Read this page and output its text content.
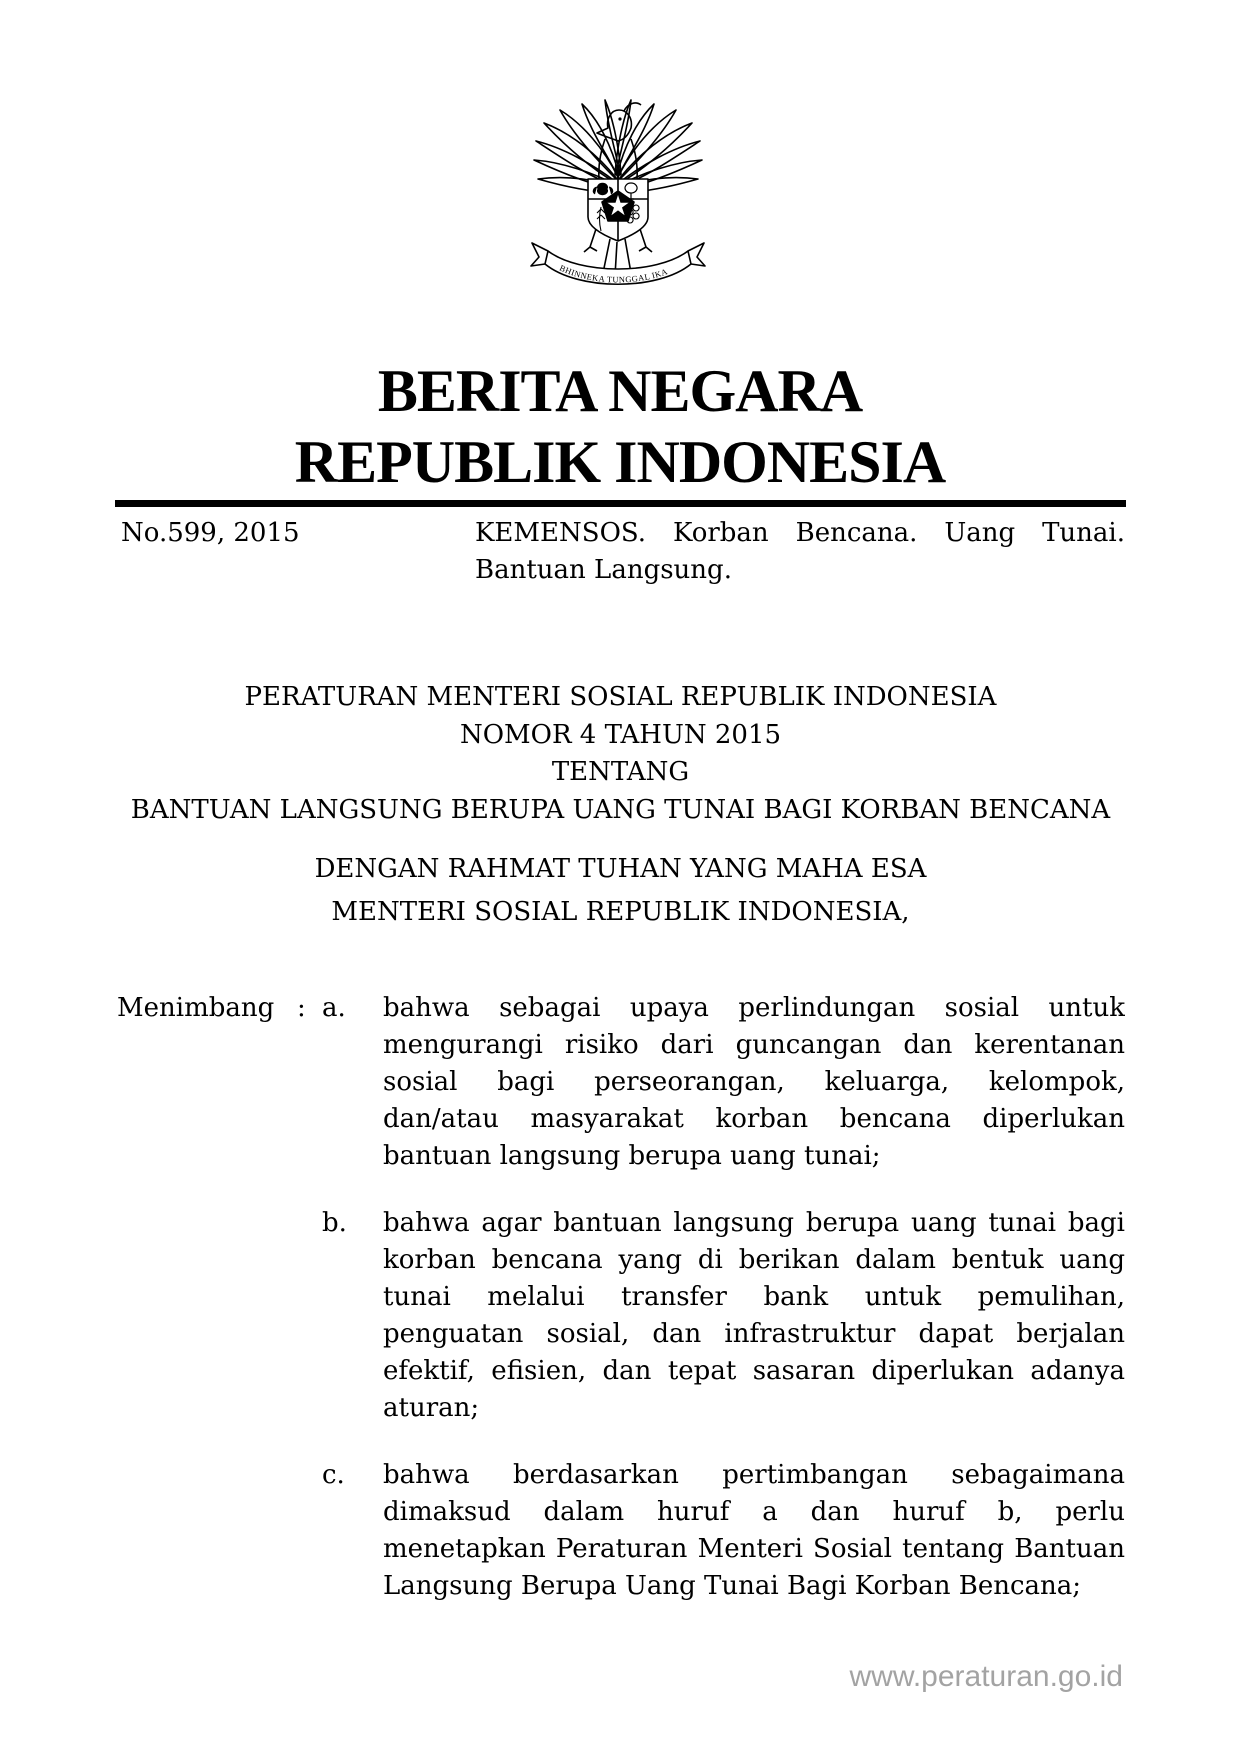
BHINNEKA TUNGGAL IKA
BERITA NEGARA
REPUBLIK INDONESIA
No.599, 2015	KEMENSOS. Korban Bencana. Uang Tunai.
Bantuan Langsung.
PERATURAN MENTERI SOSIAL REPUBLIK INDONESIA
NOMOR 4 TAHUN 2015
TENTANG
BANTUAN LANGSUNG BERUPA UANG TUNAI BAGI KORBAN BENCANA
DENGAN RAHMAT TUHAN YANG MAHA ESA
MENTERI SOSIAL REPUBLIK INDONESIA,
Menimbang : a.	bahwa sebagai upaya perlindungan sosial untuk
mengurangi risiko dari guncangan dan kerentanan
sosial bagi perseorangan, keluarga, kelompok,
dan/atau masyarakat korban bencana diperlukan
bantuan langsung berupa uang tunai;
b.	bahwa agar bantuan langsung berupa uang tunai bagi
korban bencana yang di berikan dalam bentuk uang
tunai melalui transfer bank untuk pemulihan,
penguatan sosial, dan infrastruktur dapat berjalan
efektif, efisien, dan tepat sasaran diperlukan adanya
aturan;
c.	bahwa berdasarkan pertimbangan sebagaimana
dimaksud dalam huruf a dan huruf b, perlu
menetapkan Peraturan Menteri Sosial tentang Bantuan
Langsung Berupa Uang Tunai Bagi Korban Bencana;
www.peraturan.go.id
